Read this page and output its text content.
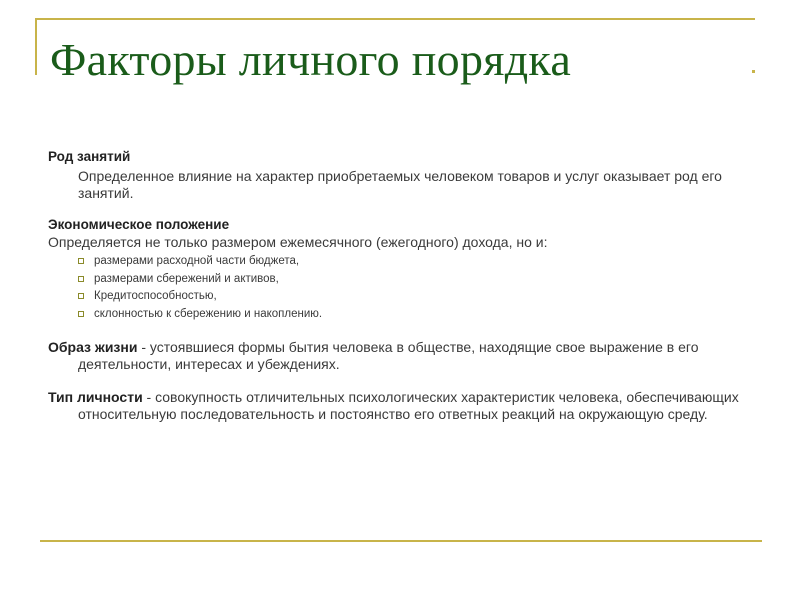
Факторы личного порядка
Род занятий
Определенное влияние на характер приобретаемых человеком товаров и услуг оказывает род его занятий.
Экономическое положение
Определяется не только размером ежемесячного (ежегодного) дохода, но и:
размерами расходной части бюджета,
размерами сбережений и активов,
Кредитоспособностью,
склонностью к сбережению и накоплению.
Образ жизни - устоявшиеся формы бытия человека в обществе, находящие свое выражение в его деятельности, интересах и убеждениях.
Тип личности - совокупность отличительных психологических характеристик человека, обеспечивающих относительную последовательность и постоянство его ответных реакций на окружающую среду.
